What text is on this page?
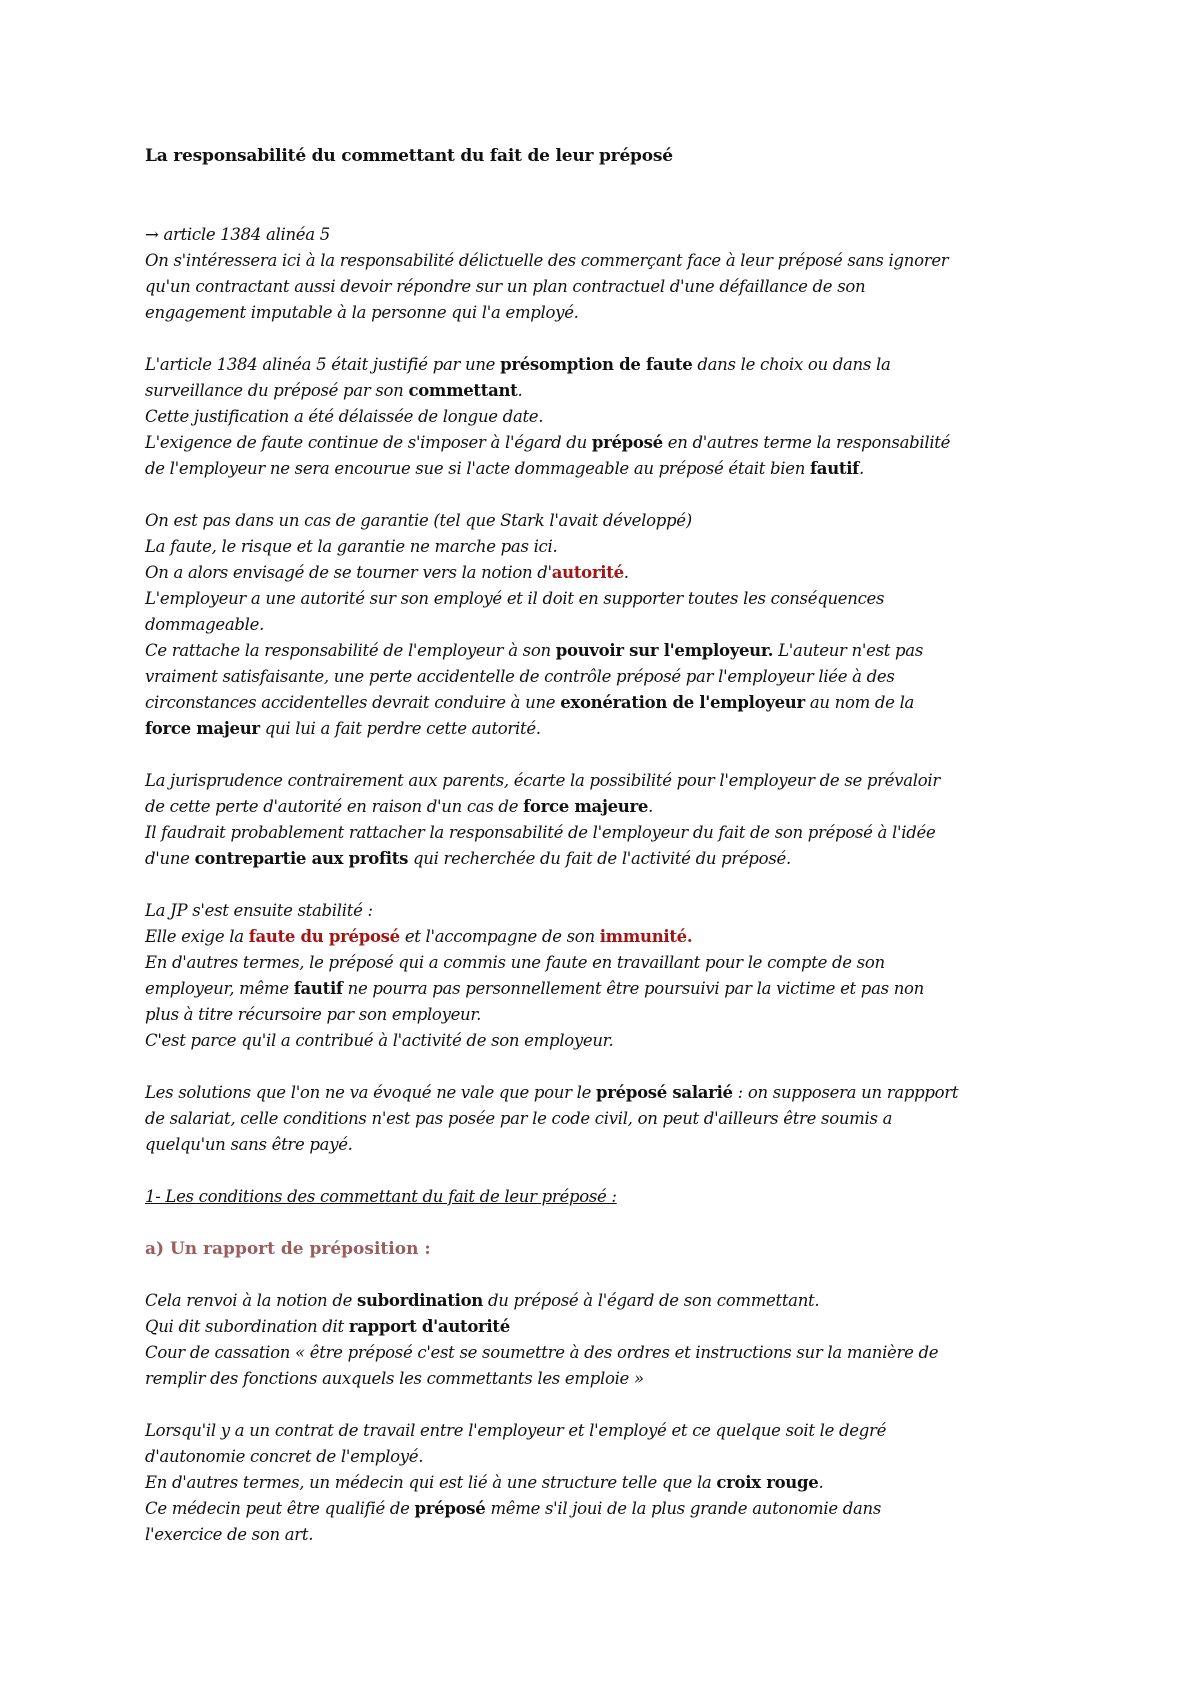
La responsabilité du commettant du fait de leur préposé
→ article 1384 alinéa 5
On s'intéressera ici à la responsabilité délictuelle des commerçant face à leur préposé sans ignorer
qu'un contractant aussi devoir répondre sur un plan contractuel d'une défaillance de son
engagement imputable à la personne qui l'a employé.
L'article 1384 alinéa 5 était justifié par une présomption de faute dans le choix ou dans la
surveillance du préposé par son commettant.
Cette justification a été délaissée de longue date.
L'exigence de faute continue de s'imposer à l'égard du préposé en d'autres terme la responsabilité
de l'employeur ne sera encourue sue si l'acte dommageable au préposé était bien fautif.
On est pas dans un cas de garantie (tel que Stark l'avait développé)
La faute, le risque et la garantie ne marche pas ici.
On a alors envisagé de se tourner vers la notion d'autorité.
L'employeur a une autorité sur son employé et il doit en supporter toutes les conséquences
dommageable.
Ce rattache la responsabilité de l'employeur à son pouvoir sur l'employeur. L'auteur n'est pas
vraiment satisfaisante, une perte accidentelle de contrôle préposé par l'employeur liée à des
circonstances accidentelles devrait conduire à une exonération de l'employeur au nom de la
force majeur qui lui a fait perdre cette autorité.
La jurisprudence contrairement aux parents, écarte la possibilité pour l'employeur de se prévaloir
de cette perte d'autorité en raison d'un cas de force majeure.
Il faudrait probablement rattacher la responsabilité de l'employeur du fait de son préposé à l'idée
d'une contrepartie aux profits qui recherchée du fait de l'activité du préposé.
La JP s'est ensuite stabilité :
Elle exige la faute du préposé et l'accompagne de son immunité.
En d'autres termes, le préposé qui a commis une faute en travaillant pour le compte de son
employeur, même fautif ne pourra pas personnellement être poursuivi par la victime et pas non
plus à titre récursoire par son employeur.
C'est parce qu'il a contribué à l'activité de son employeur.
Les solutions que l'on ne va évoqué ne vale que pour le préposé salarié : on supposera un rappport
de salariat, celle conditions n'est pas posée par le code civil, on peut d'ailleurs être soumis a
quelqu'un sans être payé.
1- Les conditions des commettant du fait de leur préposé :
a) Un rapport de préposition :
Cela renvoi à la notion de subordination du préposé à l'égard de son commettant.
Qui dit subordination dit rapport d'autorité
Cour de cassation « être préposé c'est se soumettre à des ordres et instructions sur la manière de
remplir des fonctions auxquels les commettants les emploie »
Lorsqu'il y a un contrat de travail entre l'employeur et l'employé et ce quelque soit le degré
d'autonomie concret de l'employé.
En d'autres termes, un médecin qui est lié à une structure telle que la croix rouge.
Ce médecin peut être qualifié de préposé même s'il joui de la plus grande autonomie dans
l'exercice de son art.
